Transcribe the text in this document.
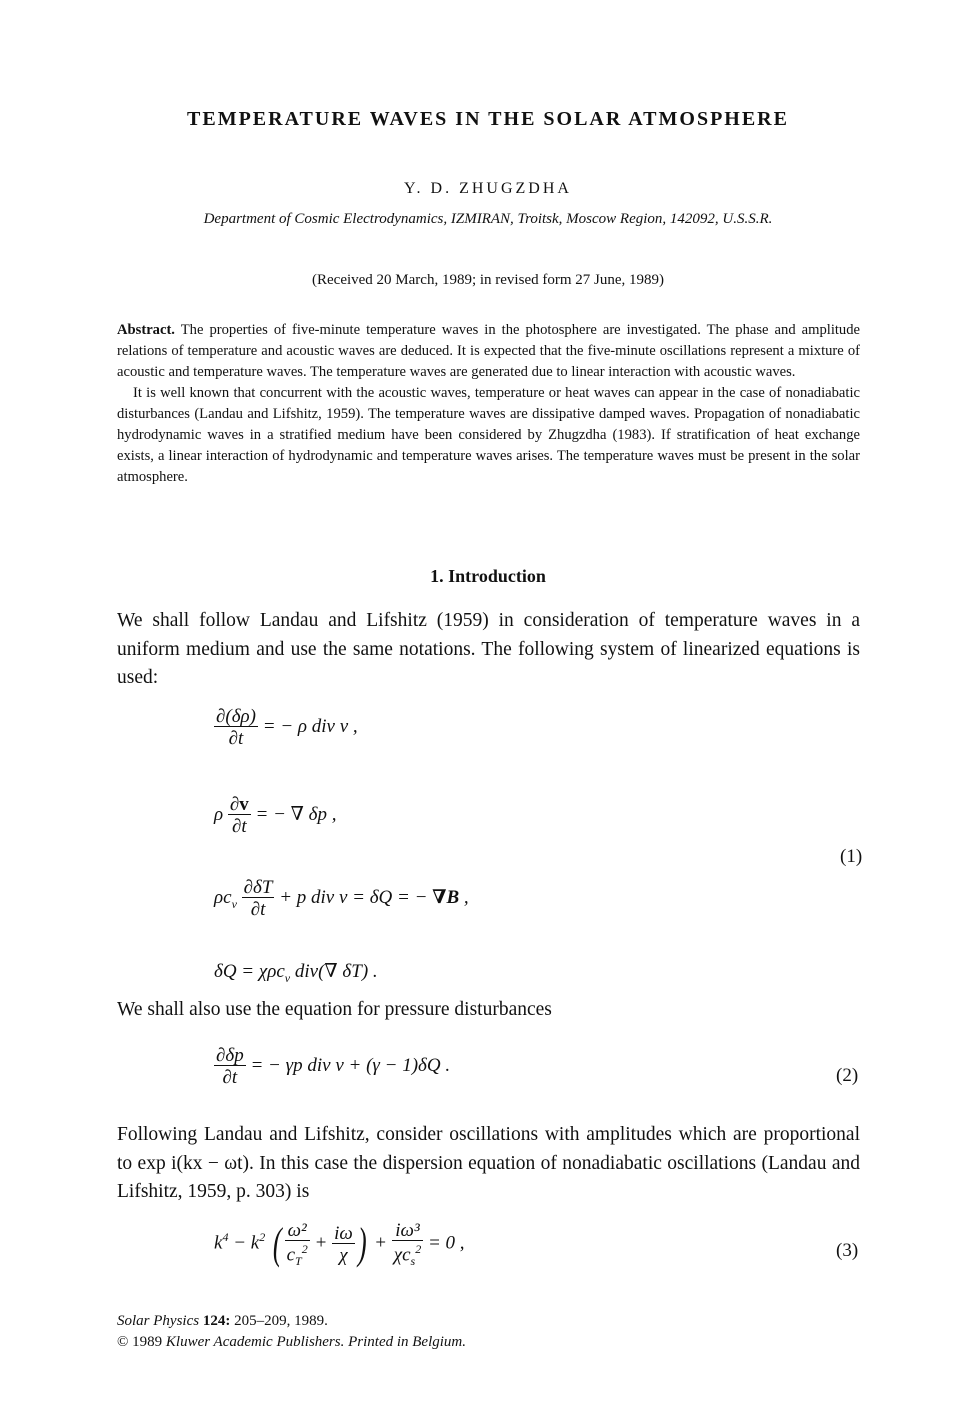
TEMPERATURE WAVES IN THE SOLAR ATMOSPHERE
Y. D. ZHUGZDHA
Department of Cosmic Electrodynamics, IZMIRAN, Troitsk, Moscow Region, 142092, U.S.S.R.
(Received 20 March, 1989; in revised form 27 June, 1989)

Abstract. The properties of five-minute temperature waves in the photosphere are investigated. The phase and amplitude relations of temperature and acoustic waves are deduced. It is expected that the five-minute oscillations represent a mixture of acoustic and temperature waves. The temperature waves are generated due to linear interaction with acoustic waves.

It is well known that concurrent with the acoustic waves, temperature or heat waves can appear in the case of nonadiabatic disturbances (Landau and Lifshitz, 1959). The temperature waves are dissipative damped waves. Propagation of nonadiabatic hydrodynamic waves in a stratified medium have been considered by Zhugzdha (1983). If stratification of heat exchange exists, a linear interaction of hydrodynamic and temperature waves arises. The temperature waves must be present in the solar atmosphere.

1. Introduction

We shall follow Landau and Lifshitz (1959) in consideration of temperature waves in a uniform medium and use the same notations. The following system of linearized equations is used:

$\frac{\partial(\delta\rho)}{\partial t}$ = − ρ div v ,
ρ $\frac{\partial v}{\partial t}$ = − ∇ δp ,
(1)
$\rho c_v \frac{\partial\delta T}{\partial t} + p$ div v = δQ = − ∇B ,
δQ = χρc$_v$ div(∇ δT) .

We shall also use the equation for pressure disturbances

$\frac{\partial\delta p}{\partial t}$ = − γp div v + (γ − 1)δQ .	(2)

Following Landau and Lifshitz, consider oscillations with amplitudes which are proportional to exp i(kx − ωt). In this case the dispersion equation of nonadiabatic oscillations (Landau and Lifshitz, 1959, p. 303) is

$k^4 - k^2$ ( $\frac{\text{ω²}}{c_T^2} + \frac{i\omega}{\chi}$ ) + $\frac{\text{iω³}}{\chi c_s^2} = 0$ ,	(3)
Solar Physics 124: 205–209, 1989.
© 1989 Kluwer Academic Publishers. Printed in Belgium.
